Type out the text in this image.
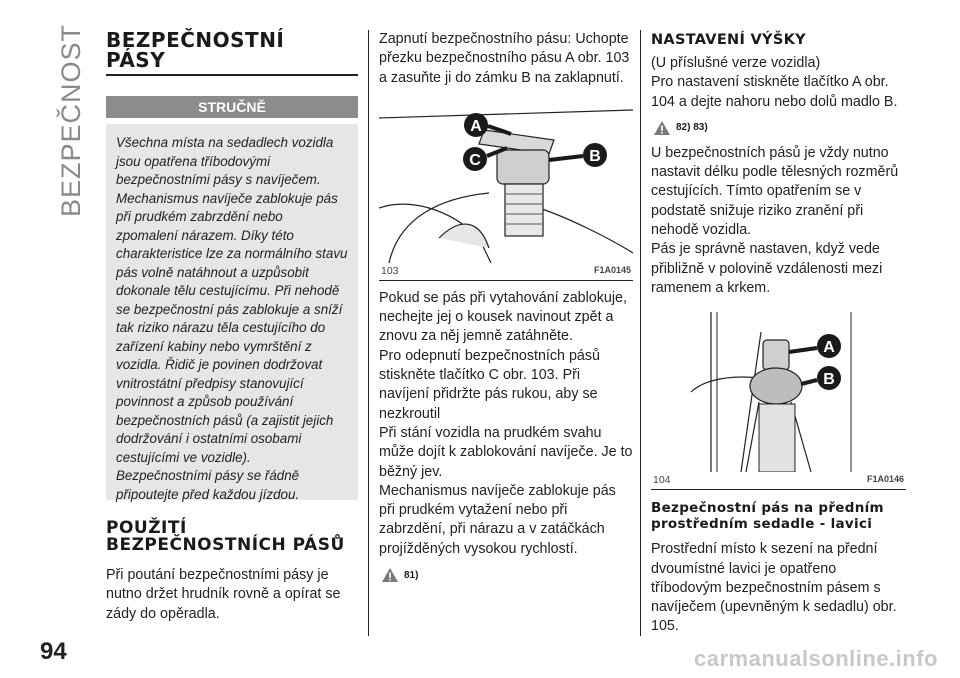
BEZPEČNOST
94
BEZPEČNOSTNÍ
PÁSY
STRUČNĚ
Všechna místa na sedadlech vozidla jsou opatřena tříbodovými bezpečnostními pásy s navíječem. Mechanismus navíječe zablokuje pás při prudkém zabrzdění nebo zpomalení nárazem. Díky této charakteristice lze za normálního stavu pás volně natáhnout a uzpůsobit dokonale tělu cestujícímu. Při nehodě se bezpečnostní pás zablokuje a sníží tak riziko nárazu těla cestujícího do zařízení kabiny nebo vymrštění z vozidla. Řidič je povinen dodržovat vnitrostátní předpisy stanovující povinnost a způsob používání bezpečnostních pásů (a zajistit jejich dodržování i ostatními osobami cestujícími ve vozidle). Bezpečnostními pásy se řádně připoutejte před každou jízdou.
POUŽITÍ
BEZPEČNOSTNÍCH PÁSŮ
Při poutání bezpečnostními pásy je nutno držet hrudník rovně a opírat se zády do opěradla.
Zapnutí bezpečnostního pásu: Uchopte přezku bezpečnostního pásu A obr. 103 a zasuňte ji do zámku B na zaklapnutí.
A
C	B
103	F1A0145
Pokud se pás při vytahování zablokuje, nechejte jej o kousek navinout zpět a znovu za něj jemně zatáhněte.
Pro odepnutí bezpečnostních pásů stiskněte tlačítko C obr. 103. Při navíjení přidržte pás rukou, aby se nezkroutil
Při stání vozidla na prudkém svahu může dojít k zablokování navíječe. Je to běžný jev.
Mechanismus navíječe zablokuje pás při prudkém vytažení nebo při zabrzdění, při nárazu a v zatáčkách projížděných vysokou rychlostí.
81)
NASTAVENÍ VÝŠKY
(U příslušné verze vozidla)
Pro nastavení stiskněte tlačítko A obr. 104 a dejte nahoru nebo dolů madlo B.
82) 83)
U bezpečnostních pásů je vždy nutno nastavit délku podle tělesných rozměrů cestujících. Tímto opatřením se v podstatě snižuje riziko zranění při nehodě vozidla.
Pás je správně nastaven, když vede přibližně v polovině vzdálenosti mezi ramenem a krkem.
A
B
104	F1A0146
Bezpečnostní pás na předním
prostředním sedadle - lavici
Prostřední místo k sezení na přední dvoumístné lavici je opatřeno tříbodovým bezpečnostním pásem s navíječem (upevněným k sedadlu) obr. 105.
carmanualsonline.info
